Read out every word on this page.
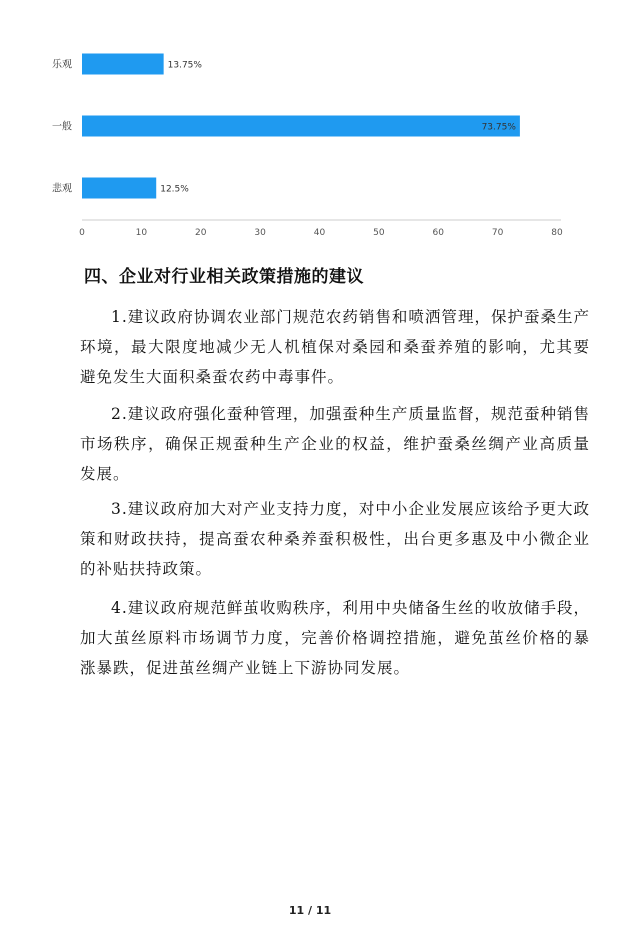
乐观	13.75%
一般	73.75%
悲观	12.5%
0	10	20	30	40	50	60	70	80
四、企业对行业相关政策措施的建议

1.建议政府协调农业部门规范农药销售和喷洒管理，保护蚕桑生产环境，最大限度地减少无人机植保对桑园和桑蚕养殖的影响，尤其要避免发生大面积桑蚕农药中毒事件。

2.建议政府强化蚕种管理，加强蚕种生产质量监督，规范蚕种销售市场秩序，确保正规蚕种生产企业的权益，维护蚕桑丝绸产业高质量发展。

3.建议政府加大对产业支持力度，对中小企业发展应该给予更大政策和财政扶持，提高蚕农种桑养蚕积极性，出台更多惠及中小微企业的补贴扶持政策。

4.建议政府规范鲜茧收购秩序，利用中央储备生丝的收放储手段，加大茧丝原料市场调节力度，完善价格调控措施，避免茧丝价格的暴涨暴跌，促进茧丝绸产业链上下游协同发展。

11 / 11
